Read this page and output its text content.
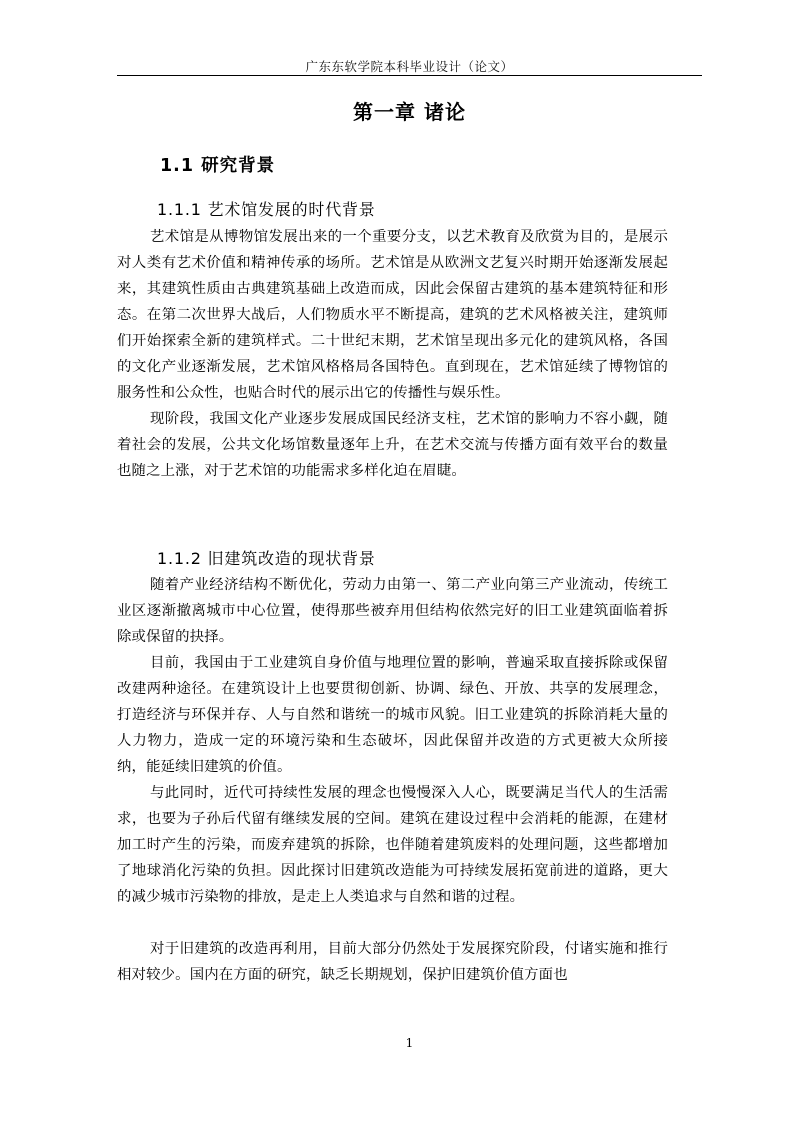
广东东软学院本科毕业设计（论文）
第一章 诸论
1.1 研究背景
1.1.1 艺术馆发展的时代背景

艺术馆是从博物馆发展出来的一个重要分支，以艺术教育及欣赏为目的，是展示对人类有艺术价值和精神传承的场所。艺术馆是从欧洲文艺复兴时期开始逐渐发展起来，其建筑性质由古典建筑基础上改造而成，因此会保留古建筑的基本建筑特征和形态。在第二次世界大战后，人们物质水平不断提高，建筑的艺术风格被关注，建筑师们开始探索全新的建筑样式。二十世纪末期，艺术馆呈现出多元化的建筑风格，各国的文化产业逐渐发展，艺术馆风格格局各国特色。直到现在，艺术馆延续了博物馆的服务性和公众性，也贴合时代的展示出它的传播性与娱乐性。

现阶段，我国文化产业逐步发展成国民经济支柱，艺术馆的影响力不容小觑，随着社会的发展，公共文化场馆数量逐年上升，在艺术交流与传播方面有效平台的数量也随之上涨，对于艺术馆的功能需求多样化迫在眉睫。

1.1.2 旧建筑改造的现状背景

随着产业经济结构不断优化，劳动力由第一、第二产业向第三产业流动，传统工业区逐渐撤离城市中心位置，使得那些被弃用但结构依然完好的旧工业建筑面临着拆除或保留的抉择。

目前，我国由于工业建筑自身价值与地理位置的影响，普遍采取直接拆除或保留改建两种途径。在建筑设计上也要贯彻创新、协调、绿色、开放、共享的发展理念，打造经济与环保并存、人与自然和谐统一的城市风貌。旧工业建筑的拆除消耗大量的人力物力，造成一定的环境污染和生态破坏，因此保留并改造的方式更被大众所接纳，能延续旧建筑的价值。

与此同时，近代可持续性发展的理念也慢慢深入人心，既要满足当代人的生活需求，也要为子孙后代留有继续发展的空间。建筑在建设过程中会消耗的能源，在建材加工时产生的污染，而废弃建筑的拆除，也伴随着建筑废料的处理问题，这些都增加了地球消化污染的负担。因此探讨旧建筑改造能为可持续发展拓宽前进的道路，更大的减少城市污染物的排放，是走上人类追求与自然和谐的过程。

对于旧建筑的改造再利用，目前大部分仍然处于发展探究阶段，付诸实施和推行相对较少。国内在方面的研究，缺乏长期规划，保护旧建筑价值方面也

1
